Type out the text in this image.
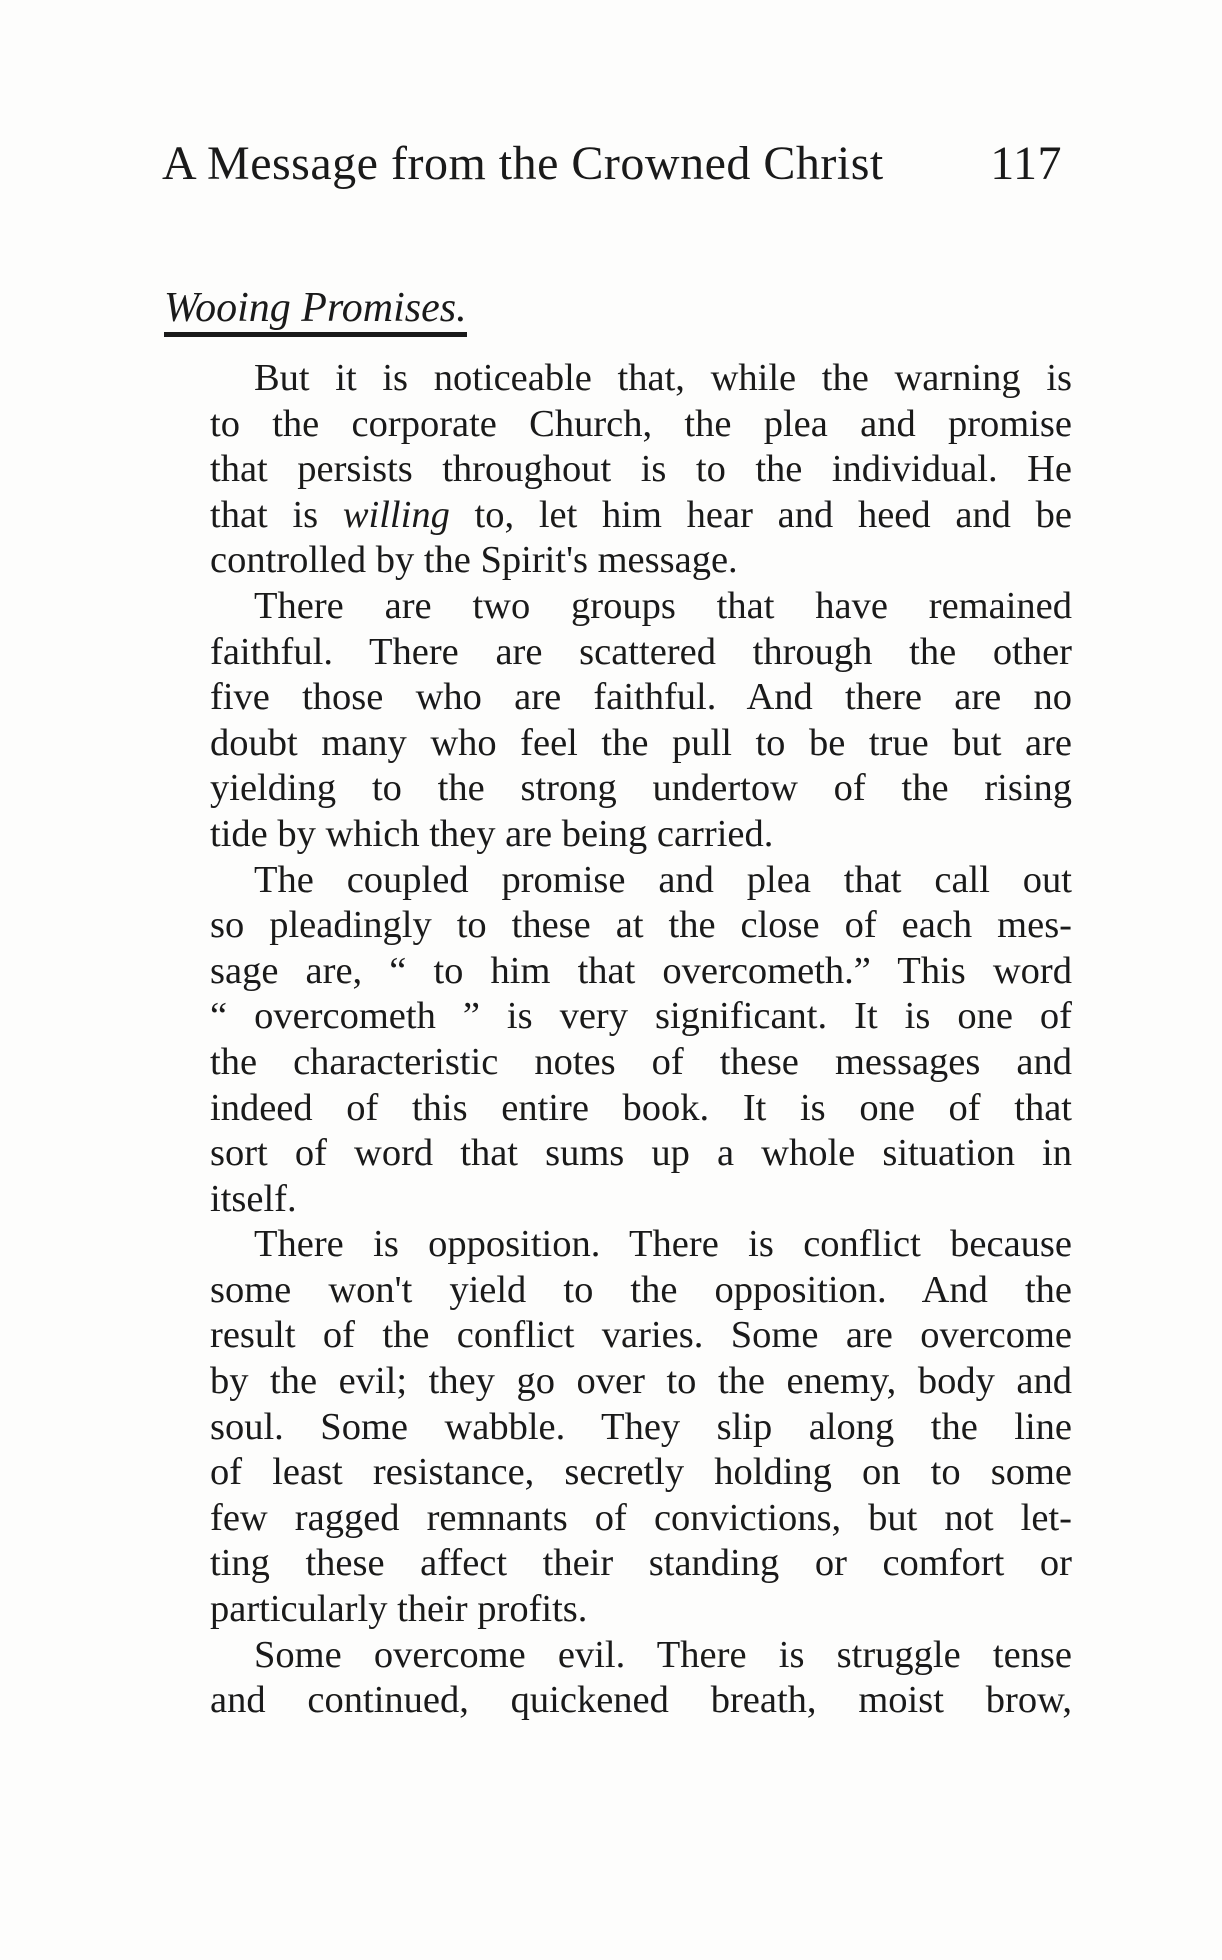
A Message from the Crowned Christ 117
Wooing Promises.

But it is noticeable that, while the warning is
to the corporate Church, the plea and promise
that persists throughout is to the individual. He
that is willing to, let him hear and heed and be
controlled by the Spirit's message.

There are two groups that have remained
faithful. There are scattered through the other
five those who are faithful. And there are no
doubt many who feel the pull to be true but are
yielding to the strong undertow of the rising
tide by which they are being carried.

The coupled promise and plea that call out
so pleadingly to these at the close of each mes-
sage are, “ to him that overcometh.” This word
“ overcometh ” is very significant. It is one of
the characteristic notes of these messages and
indeed of this entire book. It is one of that
sort of word that sums up a whole situation in
itself.

There is opposition. There is conflict because
some won't yield to the opposition. And the
result of the conflict varies. Some are overcome
by the evil; they go over to the enemy, body and
soul. Some wabble. They slip along the line
of least resistance, secretly holding on to some
few ragged remnants of convictions, but not let-
ting these affect their standing or comfort or
particularly their profits.

Some overcome evil. There is struggle tense
and continued, quickened breath, moist brow,
